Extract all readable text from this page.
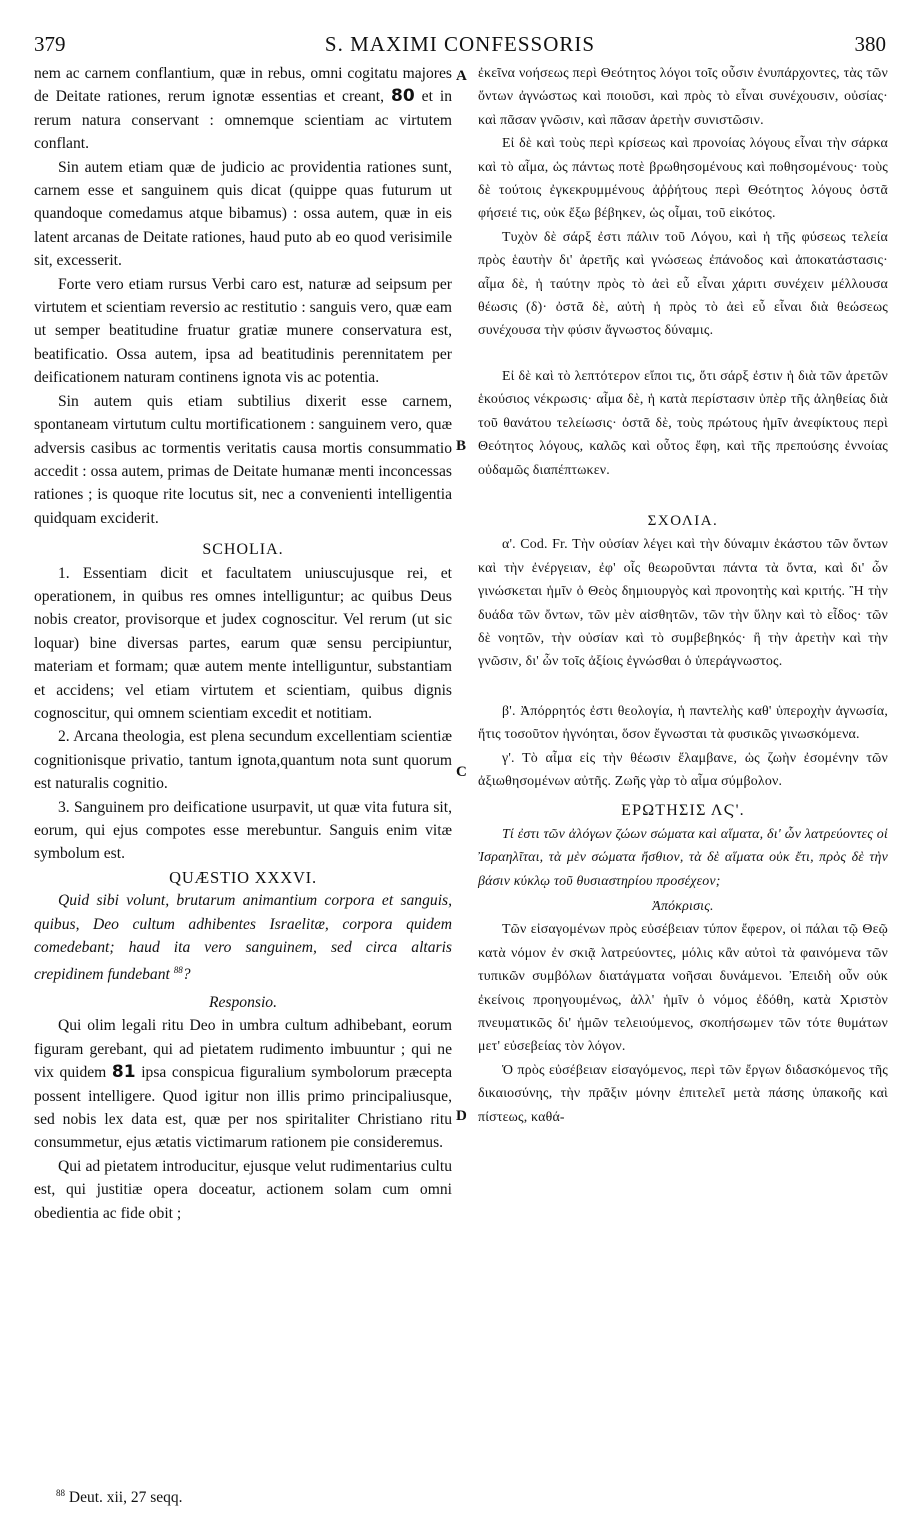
379	S. MAXIMI CONFESSORIS	380
A
B
C
D

nem ac carnem conflantium, quæ in rebus, omni cogitatu majores de Deitate rationes, rerum ignotæ essentias et creant, 80 et in rerum natura conservant : omnemque scientiam ac virtutem conflant.

Sin autem etiam quæ de judicio ac providentia rationes sunt, carnem esse et sanguinem quis dicat (quippe quas futurum ut quandoque comedamus atque bibamus) : ossa autem, quæ in eis latent arcanas de Deitate rationes, haud puto ab eo quod verisimile sit, excesserit.

Forte vero etiam rursus Verbi caro est, naturæ ad seipsum per virtutem et scientiam reversio ac restitutio : sanguis vero, quæ eam ut semper beatitudine fruatur gratiæ munere conservatura est, beatificatio. Ossa autem, ipsa ad beatitudinis perennitatem per deificationem naturam continens ignota vis ac potentia.

Sin autem quis etiam subtilius dixerit esse carnem, spontaneam virtutum cultu mortificationem : sanguinem vero, quæ adversis casibus ac tormentis veritatis causa mortis consummatio accedit : ossa autem, primas de Deitate humanæ menti inconcessas rationes ; is quoque rite locutus sit, nec a convenienti intelligentia quidquam exciderit.

SCHOLIA.

1. Essentiam dicit et facultatem uniuscujusque rei, et operationem, in quibus res omnes intelliguntur; ac quibus Deus nobis creator, provisorque et judex cognoscitur. Vel rerum (ut sic loquar) bine diversas partes, earum quæ sensu percipiuntur, materiam et formam; quæ autem mente intelliguntur, substantiam et accidens; vel etiam virtutem et scientiam, quibus dignis cognoscitur, qui omnem scientiam excedit et notitiam.

2. Arcana theologia, est plena secundum excellentiam scientiæ cognitionisque privatio, tantum ignota,quantum nota sunt quorum est naturalis cognitio.

3. Sanguinem pro deificatione usurpavit, ut quæ vita futura sit, eorum, qui ejus compotes esse merebuntur. Sanguis enim vitæ symbolum est.

QUÆSTIO XXXVI.

Quid sibi volunt, brutarum animantium corpora et sanguis, quibus, Deo cultum adhibentes Israelitæ, corpora quidem comedebant; haud ita vero sanguinem, sed circa altaris crepidinem fundebant $^{88}$?

Responsio.

Qui olim legali ritu Deo in umbra cultum adhibebant, eorum figuram gerebant, qui ad pietatem rudimento imbuuntur ; qui ne vix quidem 81 ipsa conspicua figuralium symbolorum præcepta possent intelligere. Quod igitur non illis primo principaliusque, sed nobis lex data est, quæ per nos spiritaliter Christiano ritu consummetur, ejus ætatis victimarum rationem pie consideremus.

Qui ad pietatem introducitur, ejusque velut rudimentarius cultu est, qui justitiæ opera doceatur, actionem solam cum omni obedientia ac fide obit ;

ἐκεῖνα νοήσεως περὶ Θεότητος λόγοι τοῖς οὖσιν ἐνυπάρχοντες, τὰς τῶν ὄντων ἀγνώστως καὶ ποιοῦσι, καὶ πρὸς τὸ εἶναι συνέχουσιν, οὐσίας· καὶ πᾶσαν γνῶσιν, καὶ πᾶσαν ἀρετὴν συνιστῶσιν.

Εἰ δὲ καὶ τοὺς περὶ κρίσεως καὶ προνοίας λόγους εἶναι τὴν σάρκα καὶ τὸ αἷμα, ὡς πάντως ποτὲ βρωθησομένους καὶ ποθησομένους· τοὺς δὲ τούτοις ἐγκεκρυμμένους ἀῤῥήτους περὶ Θεότητος λόγους ὀστᾶ φήσειέ τις, οὐκ ἔξω βέβηκεν, ὡς οἶμαι, τοῦ εἰκότος.

Τυχὸν δὲ σάρξ ἐστι πάλιν τοῦ Λόγου, καὶ ἡ τῆς φύσεως τελεία πρὸς ἑαυτὴν δι' ἀρετῆς καὶ γνώσεως ἐπάνοδος καὶ ἀποκατάστασις· αἷμα δὲ, ἡ ταύτην πρὸς τὸ ἀεὶ εὖ εἶναι χάριτι συνέχειν μέλλουσα θέωσις (δ)· ὀστᾶ δὲ, αὐτὴ ἡ πρὸς τὸ ἀεὶ εὖ εἶναι διὰ θεώσεως συνέχουσα τὴν φύσιν ἄγνωστος δύναμις.

Εἰ δὲ καὶ τὸ λεπτότερον εἴποι τις, ὅτι σάρξ ἐστιν ἡ διὰ τῶν ἀρετῶν ἑκούσιος νέκρωσις· αἷμα δὲ, ἡ κατὰ περίστασιν ὑπὲρ τῆς ἀληθείας διὰ τοῦ θανάτου τελείωσις· ὀστᾶ δὲ, τοὺς πρώτους ἡμῖν ἀνεφίκτους περὶ Θεότητος λόγους, καλῶς καὶ οὗτος ἔφη, καὶ τῆς πρεπούσης ἐννοίας οὐδαμῶς διαπέπτωκεν.

ΣΧΟΛΙΑ.

α'. Cod. Fr. Τὴν οὐσίαν λέγει καὶ τὴν δύναμιν ἑκάστου τῶν ὄντων καὶ τὴν ἐνέργειαν, ἐφ' οἷς θεωροῦνται πάντα τὰ ὄντα, καὶ δι' ὧν γινώσκεται ἡμῖν ὁ Θεὸς δημιουργὸς καὶ προνοητὴς καὶ κριτής. Ἢ τὴν δυάδα τῶν ὄντων, τῶν μὲν αἰσθητῶν, τῶν τὴν ὕλην καὶ τὸ εἶδος· τῶν δὲ νοητῶν, τὴν οὐσίαν καὶ τὸ συμβεβηκός· ἢ τὴν ἀρετὴν καὶ τὴν γνῶσιν, δι' ὧν τοῖς ἀξίοις ἐγνώσθαι ὁ ὑπεράγνωστος.

β'. Ἀπόρρητός ἐστι θεολογία, ἡ παντελὴς καθ' ὑπεροχὴν ἀγνωσία, ἥτις τοσοῦτον ἠγνόηται, ὅσον ἔγνωσται τὰ φυσικῶς γινωσκόμενα.

γ'. Τὸ αἷμα εἰς τὴν θέωσιν ἔλαμβανε, ὡς ζωὴν ἐσομένην τῶν ἀξιωθησομένων αὐτῆς. Ζωῆς γὰρ τὸ αἷμα σύμβολον.

ΕΡΩΤΗΣΙΣ ΛϚ'.

Τί ἐστι τῶν ἀλόγων ζώων σώματα καὶ αἵματα, δι' ὧν λατρεύοντες οἱ Ἰσραηλῖται, τὰ μὲν σώματα ἤσθιον, τὰ δὲ αἵματα οὐκ ἔτι, πρὸς δὲ τὴν βάσιν κύκλῳ τοῦ θυσιαστηρίου προσέχεον;

Ἀπόκρισις.

Τῶν εἰσαγομένων πρὸς εὐσέβειαν τύπον ἔφερον, οἱ πάλαι τῷ Θεῷ κατὰ νόμον ἐν σκιᾷ λατρεύοντες, μόλις κἂν αὐτοὶ τὰ φαινόμενα τῶν τυπικῶν συμβόλων διατάγματα νοῆσαι δυνάμενοι. Ἐπειδὴ οὖν οὐκ ἐκείνοις προηγουμένως, ἀλλ' ἡμῖν ὁ νόμος ἐδόθη, κατὰ Χριστὸν πνευματικῶς δι' ἡμῶν τελειούμενος, σκοπήσωμεν τῶν τότε θυμάτων μετ' εὐσεβείας τὸν λόγον.

Ὁ πρὸς εὐσέβειαν εἰσαγόμενος, περὶ τῶν ἔργων διδασκόμενος τῆς δικαιοσύνης, τὴν πρᾶξιν μόνην ἐπιτελεῖ μετὰ πάσης ὑπακοῆς καὶ πίστεως, καθά-

$^{88}$ Deut. xii, 27 seqq.
